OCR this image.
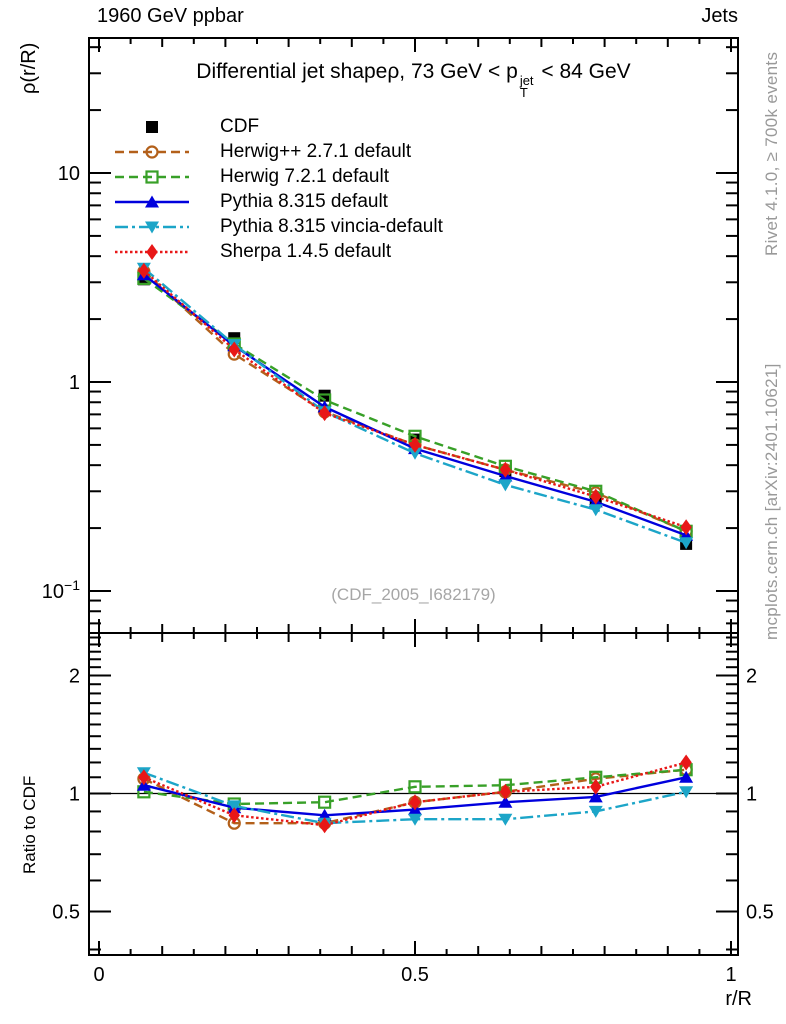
10
1
$10^{-1}$
2	2
1	1
0.5	0.5
0	0.5	1
1960 GeV ppbar	Jets
Differential jet shapeρ, 73 GeV < p jet
T
< 84 GeV
CDF
Herwig++ 2.7.1 default
Herwig 7.2.1 default
Pythia 8.315 default
Pythia 8.315 vincia-default
Sherpa 1.4.5 default
(CDF_2005_I682179)
ρ(r/R)
Ratio to CDF
r/R
Rivet 4.1.0, ≥ 700k events
mcplots.cern.ch [arXiv:2401.10621]
